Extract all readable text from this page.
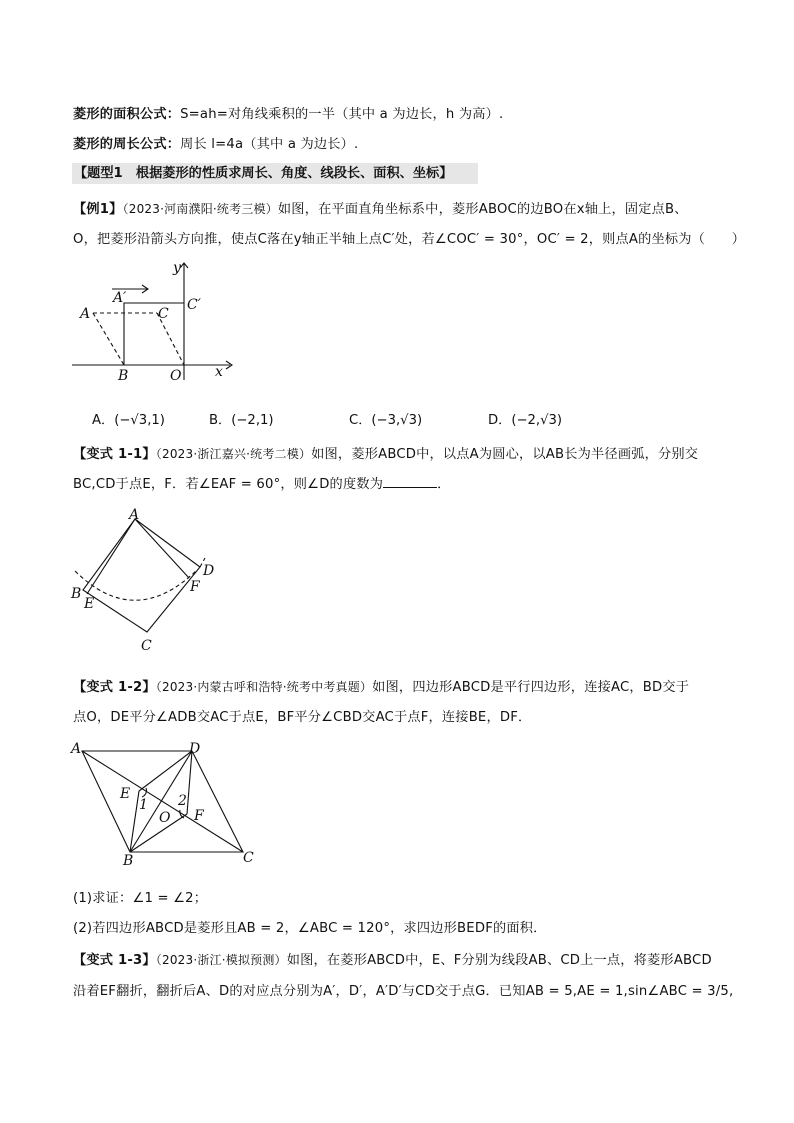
菱形的面积公式：S=ah=对角线乘积的一半（其中 a 为边长，h 为高）.
菱形的周长公式：周长 l=4a（其中 a 为边长）.
【题型1　根据菱形的性质求周长、角度、线段长、面积、坐标】
【例1】（2023·河南濮阳·统考三模）如图，在平面直角坐标系中，菱形ABOC的边BO在x轴上，固定点B、
O，把菱形沿箭头方向推，使点C落在y轴正半轴上点C′处，若∠COC′ = 30°，OC′ = 2，则点A的坐标为（　　）
y
A′	C′
A	C
B	O x
A．(−√3,1)	B．(−2,1)	C．(−3,√3)	D．(−2,√3)
【变式 1-1】（2023·浙江嘉兴·统考二模）如图，菱形ABCD中，以点A为圆心，以AB长为半径画弧，分别交
BC,CD于点E，F．若∠EAF = 60°，则∠D的度数为	．
A
D
F
B
E
C
【变式 1-2】（2023·内蒙古呼和浩特·统考中考真题）如图，四边形ABCD是平行四边形，连接AC，BD交于
点O，DE平分∠ADB交AC于点E，BF平分∠CBD交AC于点F，连接BE，DF．
A	D
E
1 2
O F
B	C
(1)求证：∠1 = ∠2；
(2)若四边形ABCD是菱形且AB = 2，∠ABC = 120°，求四边形BEDF的面积．
【变式 1-3】（2023·浙江·模拟预测）如图，在菱形ABCD中，E、F分别为线段AB、CD上一点，将菱形ABCD
沿着EF翻折，翻折后A、D的对应点分别为A′，D′，A′D′与CD交于点G．已知AB = 5,AE = 1,sin∠ABC = 3/5,
